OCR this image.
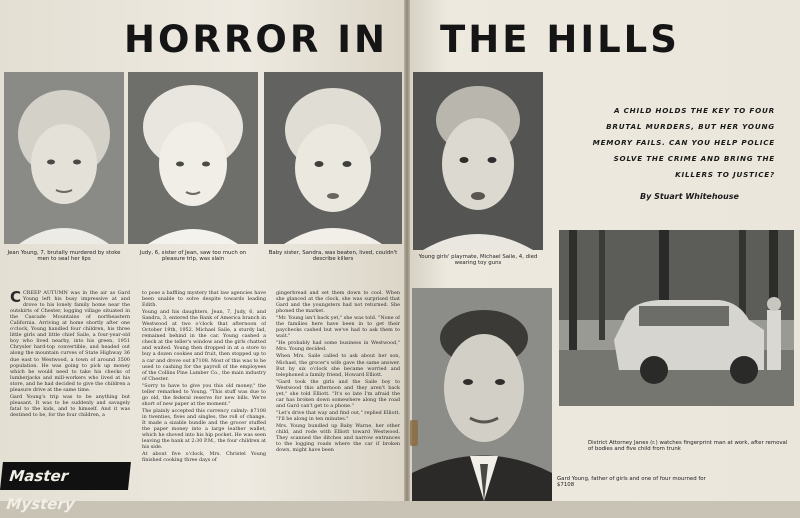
HORROR IN THE HILLS
Jean Young, 7, brutally murdered by stoke men to seal her lips
Judy, 6, sister of Jean, saw too much on pleasure trip, was slain
Baby sister, Sandra, was beaten, lived, couldn't describe killers	Young girls' playmate, Michael Saile, 4, died wearing toy guns
A CHILD HOLDS THE KEY TO FOUR BRUTAL MURDERS, BUT HER YOUNG MEMORY FAILS. CAN YOU HELP POLICE SOLVE THE CRIME AND BRING THE KILLERS TO JUSTICE?
By Stuart Whitehouse
District Attorney Janes (r.) watches fingerprint man at work, after removal of bodies and five child from trunk
Gard Young, father of girls and one of four mourned for $7108

CCREEP AUTUMN was in the air as Gard Young left his busy impressive at and drove to his lonely family home near the outskirts of Chester, logging village situated in the Cascade Mountains of northeastern California. Arriving at home shortly after one o'clock, Young handled four children, his three little girls and little chief Saile, a four-year-old boy who lived nearby, into his green, 1951 Chrysler hard-top convertible, and headed out along the mountain curves of State Highway 36 due east to Westwood, a town of around 3500 population. He was going to pick up money which he would need to take his checks of lumberjacks and mill-workers who lived at his store, and he had decided to give the children a pleasure drive at the same time.

Gard Young's trip was to be anything but pleasant. It was to be suddenly and savagely fatal to the kids, and to himself. And it was destined to be, for the four children, a

to pose a baffling mystery that law agencies have been unable to solve despite towards leading Edith.

Young and his daughters, Jean, 7, Judy, 6, and Sandra, 3, entered the Bank of America branch in Westwood at two o'clock that afternoon of October 19th, 1952. Michael Saile, a sturdy lad, remained behind in the car. Young cashed a check at the teller's window and the girls chatted and waited. Young then dropped in at a store to buy a dozen cookies and fruit, then stopped up to a car and drove out $7108. Most of this was to be used to cashing for the payroll of the employees of the Collins Pine Lumber Co., the main industry of Chester.

"Sorry to have to give you this old money," the teller remarked to Young. "This stuff was due to go old, the federal reserve for new bills. We're short of new paper at the moment."

The plainly accepted this currency calmly: $7108 in twenties, fives and singles, the roll of change. It made a sizable bundle and the grocer stuffed the paper money into a large leather wallet, which he shoved into his hip pocket. He was seen leaving the bank at 2:30 P.M., the four children at his side.

At about five o'clock, Mrs. Christel Young finished cooking three days of

gingerbread and set them down to cool. When she glanced at the clock, she was surprised that Gard and the youngsters had not returned. She phoned the market.

"Mr. Young isn't back yet," she was told. "None of the families here have been in to get their paychecks cashed but we've had to ask them to wait."

"He probably had some business in Westwood," Mrs. Young decided.

When Mrs. Saile called to ask about her son, Michael, the grocer's wife gave the same answer. But by six o'clock she became worried and telephoned a family friend, Howard Elliott.

"Gard took the girls and the Saile boy to Westwood this afternoon and they aren't back yet," she told Elliott. "It's so late I'm afraid the car has broken down somewhere along the road and Gard can't get to a phone."

"Let's drive that way and find out," replied Elliott. "I'll be along in ten minutes."

Mrs. Young bundled up Baby Warne, her other child, and rode with Elliott toward Westwood. They scanned the ditches and narrow entrances to the logging roads where the car if broken down, might have been

Master Mystery
